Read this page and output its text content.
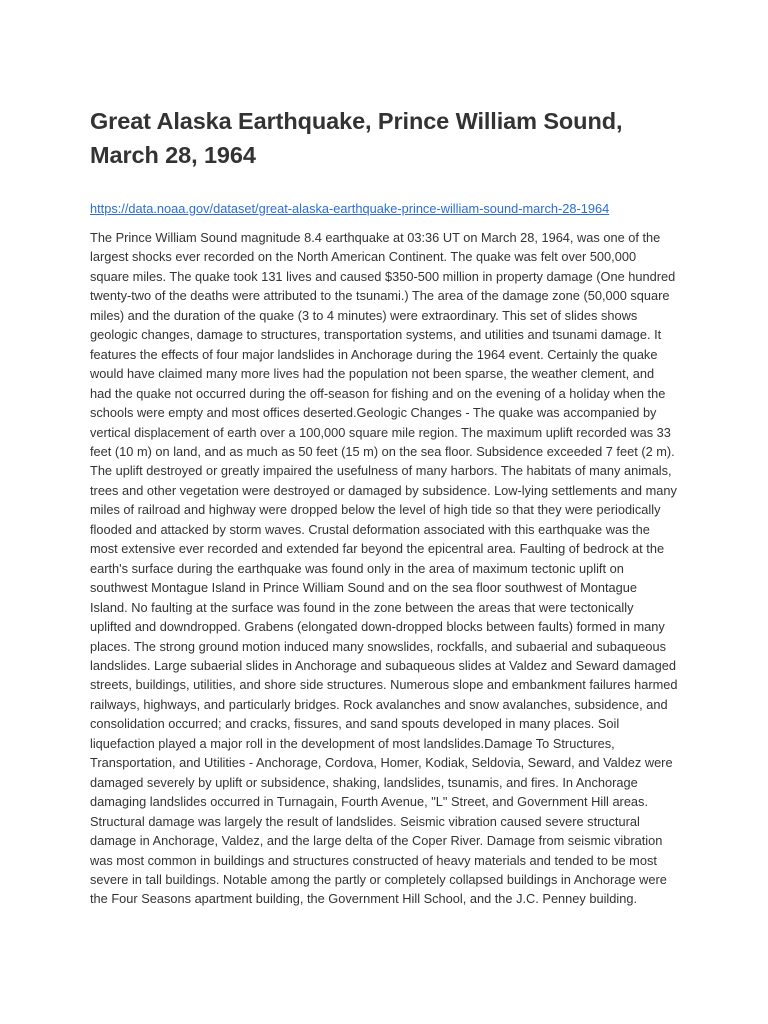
Great Alaska Earthquake, Prince William Sound, March 28, 1964
https://data.noaa.gov/dataset/great-alaska-earthquake-prince-william-sound-march-28-1964

The Prince William Sound magnitude 8.4 earthquake at 03:36 UT on March 28, 1964, was one of the largest shocks ever recorded on the North American Continent. The quake was felt over 500,000 square miles. The quake took 131 lives and caused $350-500 million in property damage (One hundred twenty-two of the deaths were attributed to the tsunami.) The area of the damage zone (50,000 square miles) and the duration of the quake (3 to 4 minutes) were extraordinary. This set of slides shows geologic changes, damage to structures, transportation systems, and utilities and tsunami damage. It features the effects of four major landslides in Anchorage during the 1964 event. Certainly the quake would have claimed many more lives had the population not been sparse, the weather clement, and had the quake not occurred during the off-season for fishing and on the evening of a holiday when the schools were empty and most offices deserted.Geologic Changes - The quake was accompanied by vertical displacement of earth over a 100,000 square mile region. The maximum uplift recorded was 33 feet (10 m) on land, and as much as 50 feet (15 m) on the sea floor. Subsidence exceeded 7 feet (2 m). The uplift destroyed or greatly impaired the usefulness of many harbors. The habitats of many animals, trees and other vegetation were destroyed or damaged by subsidence. Low-lying settlements and many miles of railroad and highway were dropped below the level of high tide so that they were periodically flooded and attacked by storm waves. Crustal deformation associated with this earthquake was the most extensive ever recorded and extended far beyond the epicentral area. Faulting of bedrock at the earth's surface during the earthquake was found only in the area of maximum tectonic uplift on southwest Montague Island in Prince William Sound and on the sea floor southwest of Montague Island. No faulting at the surface was found in the zone between the areas that were tectonically uplifted and downdropped. Grabens (elongated down-dropped blocks between faults) formed in many places. The strong ground motion induced many snowslides, rockfalls, and subaerial and subaqueous landslides. Large subaerial slides in Anchorage and subaqueous slides at Valdez and Seward damaged streets, buildings, utilities, and shore side structures. Numerous slope and embankment failures harmed railways, highways, and particularly bridges. Rock avalanches and snow avalanches, subsidence, and consolidation occurred; and cracks, fissures, and sand spouts developed in many places. Soil liquefaction played a major roll in the development of most landslides.Damage To Structures, Transportation, and Utilities - Anchorage, Cordova, Homer, Kodiak, Seldovia, Seward, and Valdez were damaged severely by uplift or subsidence, shaking, landslides, tsunamis, and fires. In Anchorage damaging landslides occurred in Turnagain, Fourth Avenue, "L" Street, and Government Hill areas. Structural damage was largely the result of landslides. Seismic vibration caused severe structural damage in Anchorage, Valdez, and the large delta of the Coper River. Damage from seismic vibration was most common in buildings and structures constructed of heavy materials and tended to be most severe in tall buildings. Notable among the partly or completely collapsed buildings in Anchorage were the Four Seasons apartment building, the Government Hill School, and the J.C. Penney building.
